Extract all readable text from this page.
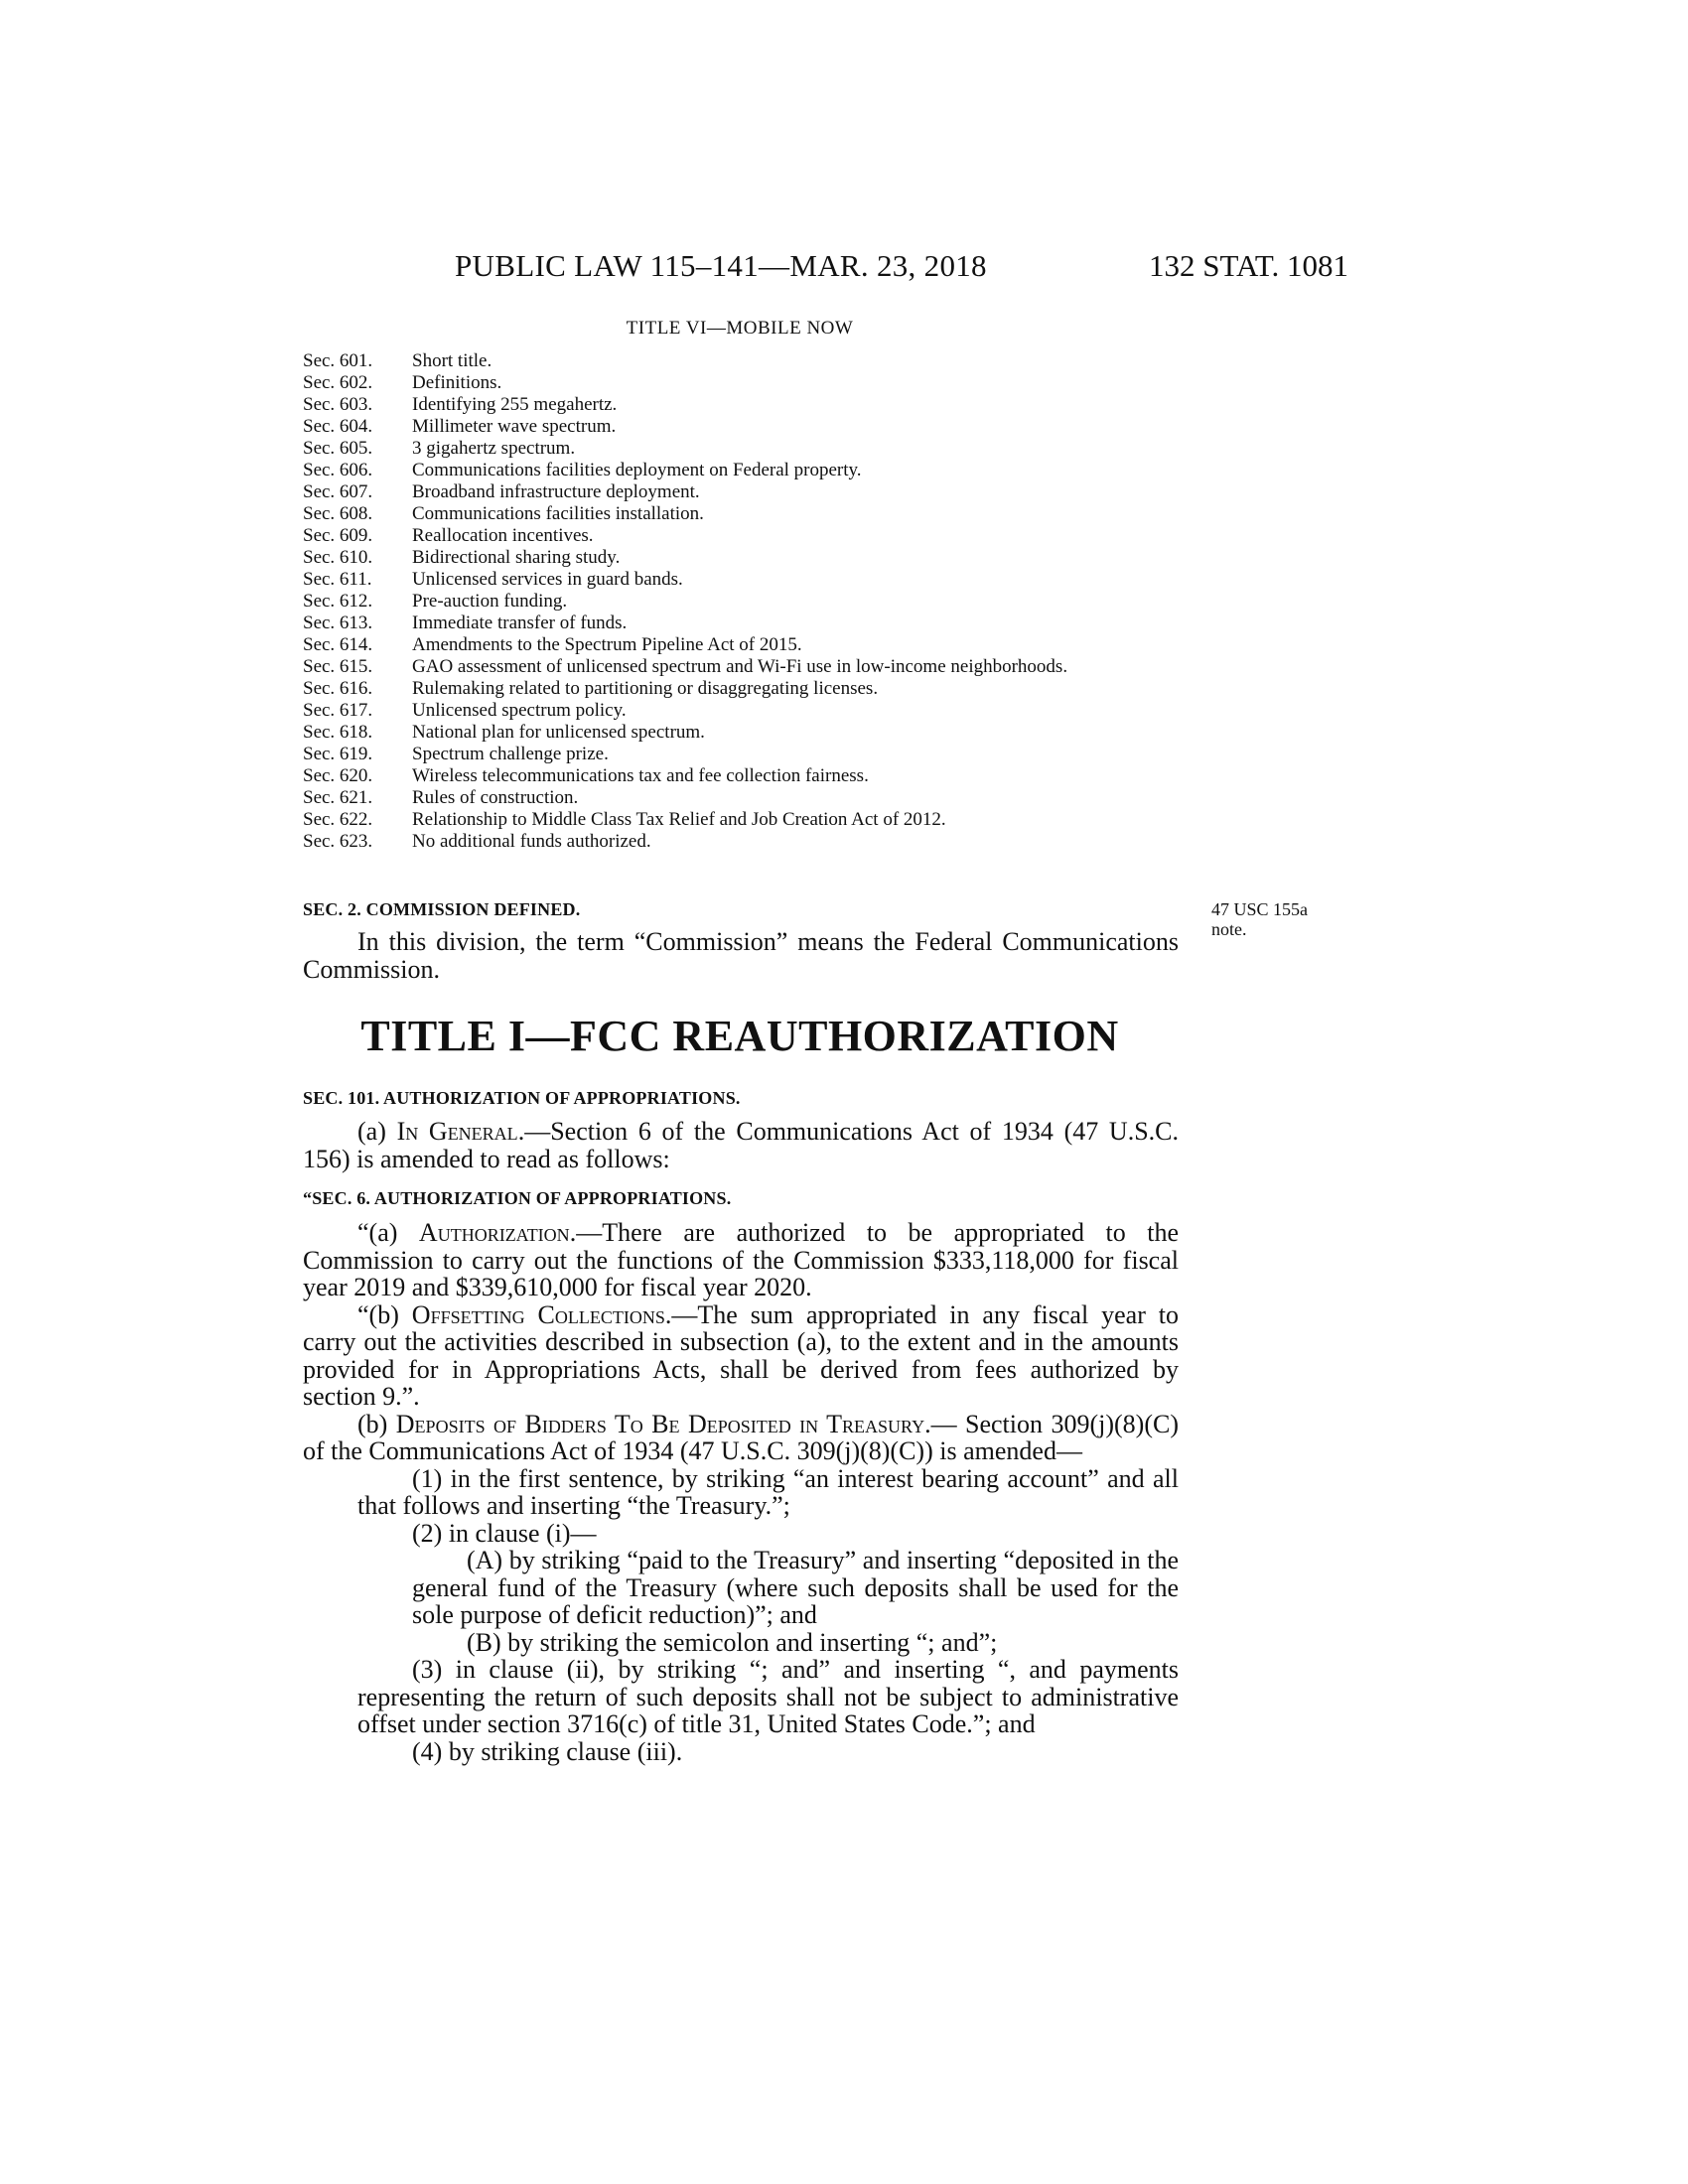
PUBLIC LAW 115–141—MAR. 23, 2018	132 STAT. 1081
TITLE VI—MOBILE NOW
Sec. 601.	Short title.
Sec. 602.	Definitions.
Sec. 603.	Identifying 255 megahertz.
Sec. 604.	Millimeter wave spectrum.
Sec. 605.	3 gigahertz spectrum.
Sec. 606.	Communications facilities deployment on Federal property.
Sec. 607.	Broadband infrastructure deployment.
Sec. 608.	Communications facilities installation.
Sec. 609.	Reallocation incentives.
Sec. 610.	Bidirectional sharing study.
Sec. 611.	Unlicensed services in guard bands.
Sec. 612.	Pre-auction funding.
Sec. 613.	Immediate transfer of funds.
Sec. 614.	Amendments to the Spectrum Pipeline Act of 2015.
Sec. 615.	GAO assessment of unlicensed spectrum and Wi-Fi use in low-income neighborhoods.
Sec. 616.	Rulemaking related to partitioning or disaggregating licenses.
Sec. 617.	Unlicensed spectrum policy.
Sec. 618.	National plan for unlicensed spectrum.
Sec. 619.	Spectrum challenge prize.
Sec. 620.	Wireless telecommunications tax and fee collection fairness.
Sec. 621.	Rules of construction.
Sec. 622.	Relationship to Middle Class Tax Relief and Job Creation Act of 2012.
Sec. 623.	No additional funds authorized.
SEC. 2. COMMISSION DEFINED.	47 USC 155a
note.

In this division, the term “Commission” means the Federal Communications Commission.

TITLE I—FCC REAUTHORIZATION
SEC. 101. AUTHORIZATION OF APPROPRIATIONS.

(a) In General.—Section 6 of the Communications Act of 1934 (47 U.S.C. 156) is amended to read as follows:

“SEC. 6. AUTHORIZATION OF APPROPRIATIONS.

“(a) Authorization.—There are authorized to be appropriated to the Commission to carry out the functions of the Commission $333,118,000 for fiscal year 2019 and $339,610,000 for fiscal year 2020.

“(b) Offsetting Collections.—The sum appropriated in any fiscal year to carry out the activities described in subsection (a), to the extent and in the amounts provided for in Appropriations Acts, shall be derived from fees authorized by section 9.”.

(b) Deposits of Bidders To Be Deposited in Treasury.— Section 309(j)(8)(C) of the Communications Act of 1934 (47 U.S.C. 309(j)(8)(C)) is amended—

(1) in the first sentence, by striking “an interest bearing account” and all that follows and inserting “the Treasury.”;

(2) in clause (i)—

(A) by striking “paid to the Treasury” and inserting “deposited in the general fund of the Treasury (where such deposits shall be used for the sole purpose of deficit reduction)”; and

(B) by striking the semicolon and inserting “; and”;

(3) in clause (ii), by striking “; and” and inserting “, and payments representing the return of such deposits shall not be subject to administrative offset under section 3716(c) of title 31, United States Code.”; and

(4) by striking clause (iii).
